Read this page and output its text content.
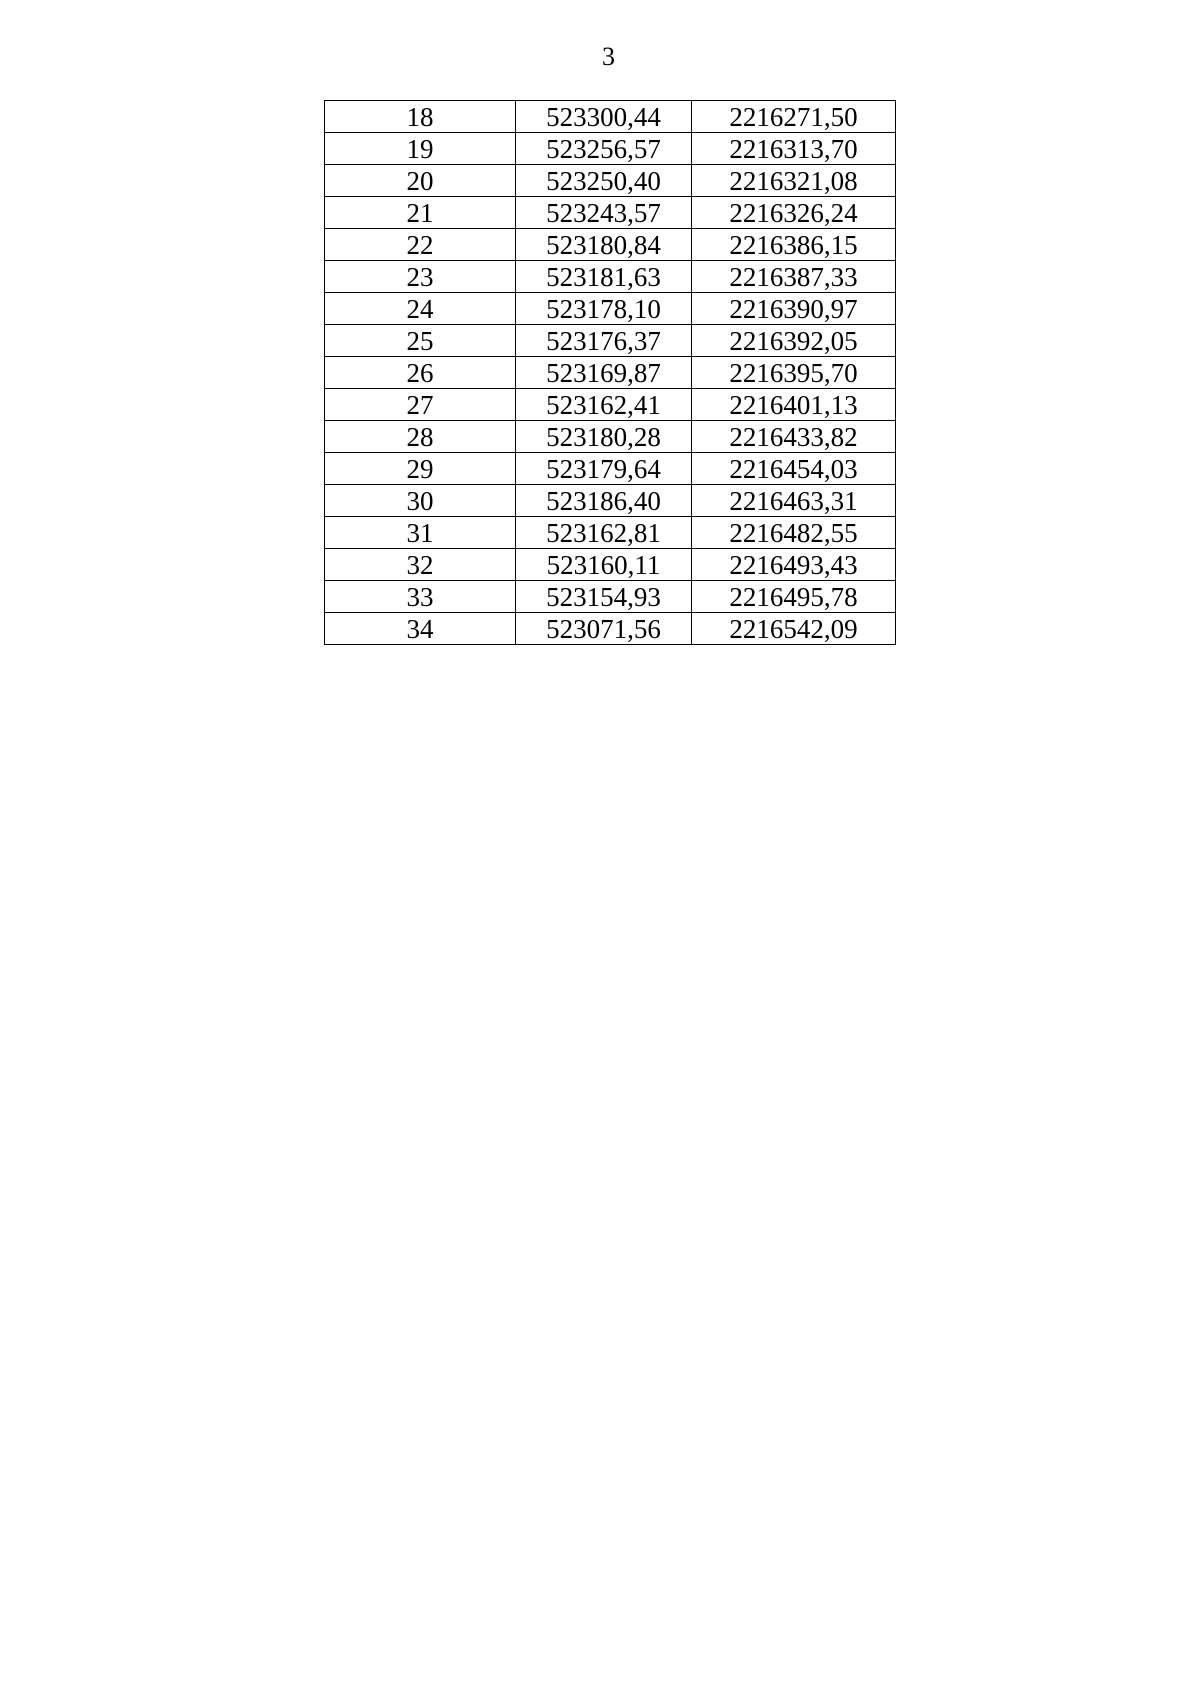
3
18	523300,44	2216271,50
19	523256,57	2216313,70
20	523250,40	2216321,08
21	523243,57	2216326,24
22	523180,84	2216386,15
23	523181,63	2216387,33
24	523178,10	2216390,97
25	523176,37	2216392,05
26	523169,87	2216395,70
27	523162,41	2216401,13
28	523180,28	2216433,82
29	523179,64	2216454,03
30	523186,40	2216463,31
31	523162,81	2216482,55
32	523160,11	2216493,43
33	523154,93	2216495,78
34	523071,56	2216542,09
